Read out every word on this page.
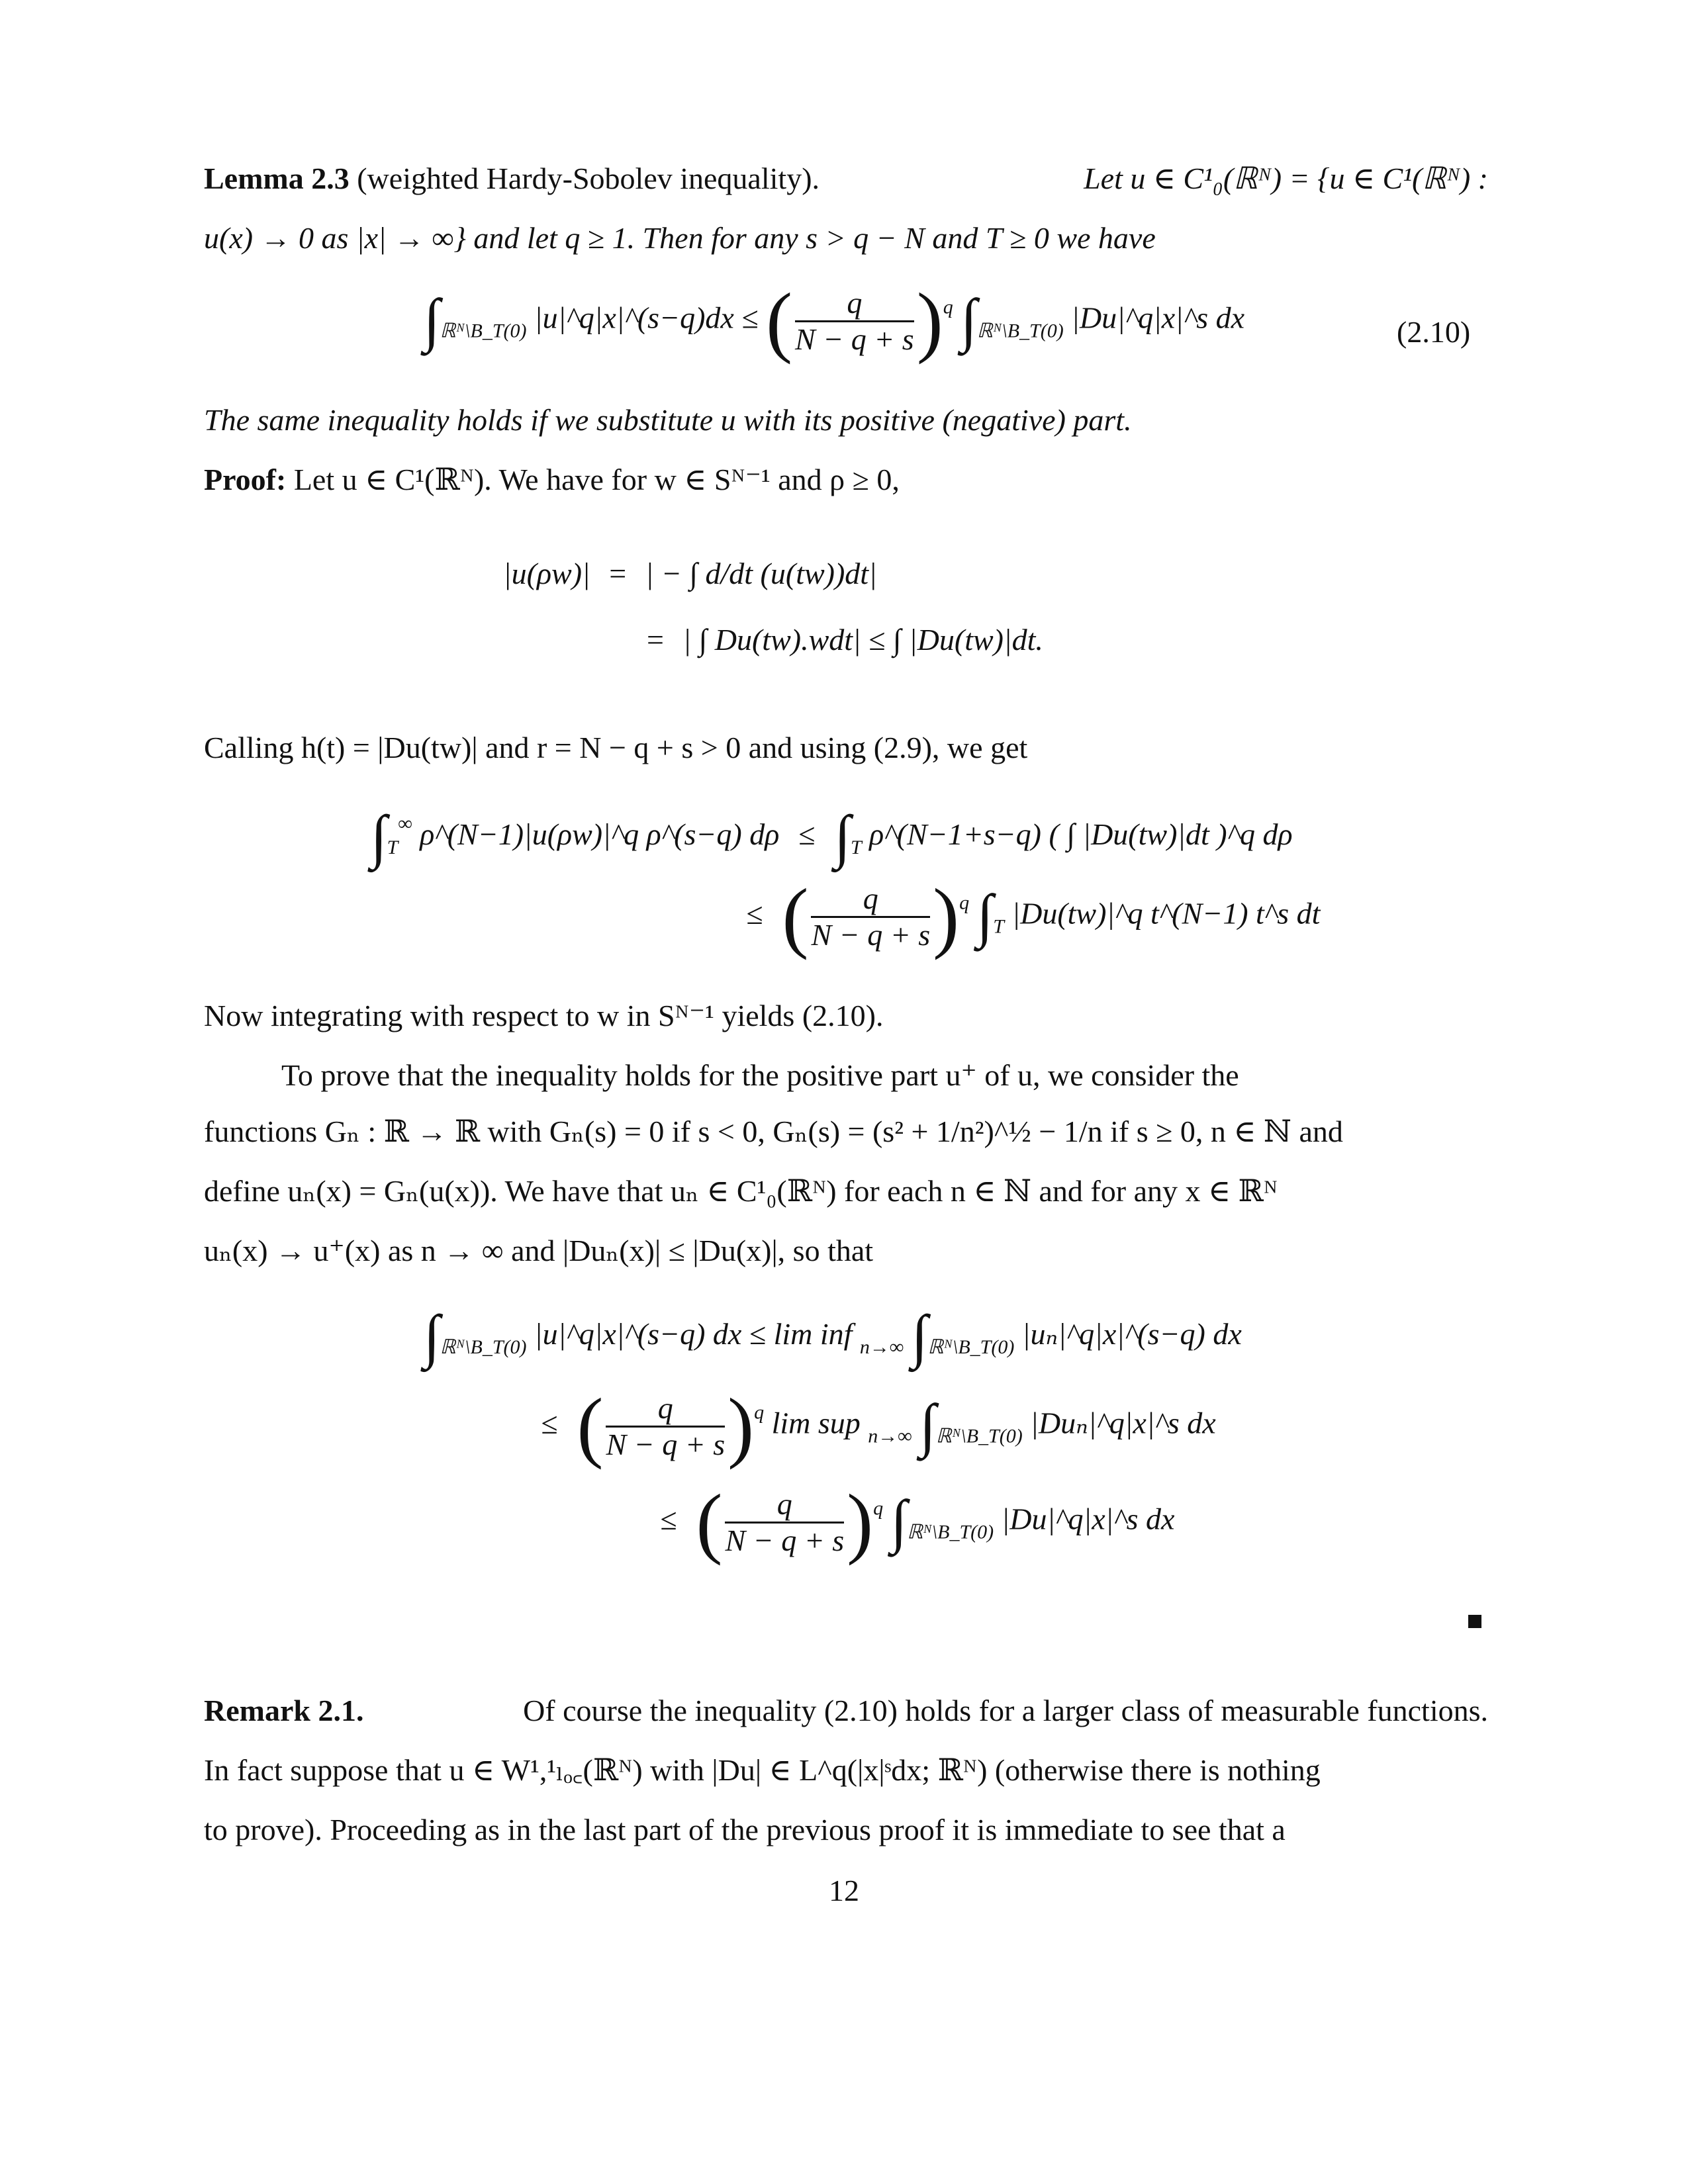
Lemma 2.3 (weighted Hardy-Sobolev inequality).	Let u ∈ C¹₀(ℝᴺ) = {u ∈ C¹(ℝᴺ) :
u(x) → 0 as |x| → ∞} and let q ≥ 1. Then for any s > q − N and T ≥ 0 we have
$\int_{ℝᴺ\backslash B\_T(0)}$ |u|^q|x|^(s−q)dx ≤ ( $\frac{q}{N - q + s} )^q$ $\int_{ℝᴺ\backslash B\_T(0)}$ |Du|^q|x|^s dx	(2.10)
The same inequality holds if we substitute u with its positive (negative) part.
Proof: Let u ∈ C¹(ℝᴺ). We have for w ∈ Sᴺ⁻¹ and ρ ≥ 0,
|u(ρw)| = | − ∫ d/dt (u(tw))dt|
= | ∫ Du(tw).wdt| ≤ ∫ |Du(tw)|dt.
Calling h(t) = |Du(tw)| and r = N − q + s > 0 and using (2.9), we get
$\int_T^\infty$ ρ^(N−1)|u(ρw)|^q ρ^(s−q) $d\rho \le \int_T$ ρ^(N−1+s−q) ( ∫ |Du(tw)|dt )^q dρ
≤ ( $\frac{q}{N - q + s} )^q$ $\int_T$ |Du(tw)|^q t^(N−1) t^s dt
Now integrating with respect to w in Sᴺ⁻¹ yields (2.10).
To prove that the inequality holds for the positive part u⁺ of u, we consider the
functions Gₙ : ℝ → ℝ with Gₙ(s) = 0 if s < 0, Gₙ(s) = (s² + 1/n²)^½ − 1/n if s ≥ 0, n ∈ ℕ and
define uₙ(x) = Gₙ(u(x)). We have that uₙ ∈ C¹₀(ℝᴺ) for each n ∈ ℕ and for any x ∈ ℝᴺ
uₙ(x) → u⁺(x) as n → ∞ and |Duₙ(x)| ≤ |Du(x)|, so that
$\int_{ℝᴺ\backslash B\_T(0)}$ |u|^q|x|^(s−q) dx ≤ lim inf $_{n\to\infty}$ $\int_{ℝᴺ\backslash B\_T(0)}$ |uₙ|^q|x|^(s−q) dx
≤ ( $\frac{q}{N - q + s} )^q$ lim sup $_{n\to\infty}$ $\int_{ℝᴺ\backslash B\_T(0)}$ |Duₙ|^q|x|^s dx
≤ ( $\frac{q}{N - q + s} )^q$ $\int_{ℝᴺ\backslash B\_T(0)}$ |Du|^q|x|^s dx
Remark 2.1.	Of course the inequality (2.10) holds for a larger class of measurable functions.
In fact suppose that u ∈ W¹,¹ₗₒ꜀(ℝᴺ) with |Du| ∈ L^q(|x|ˢdx; ℝᴺ) (otherwise there is nothing
to prove). Proceeding as in the last part of the previous proof it is immediate to see that a
12
